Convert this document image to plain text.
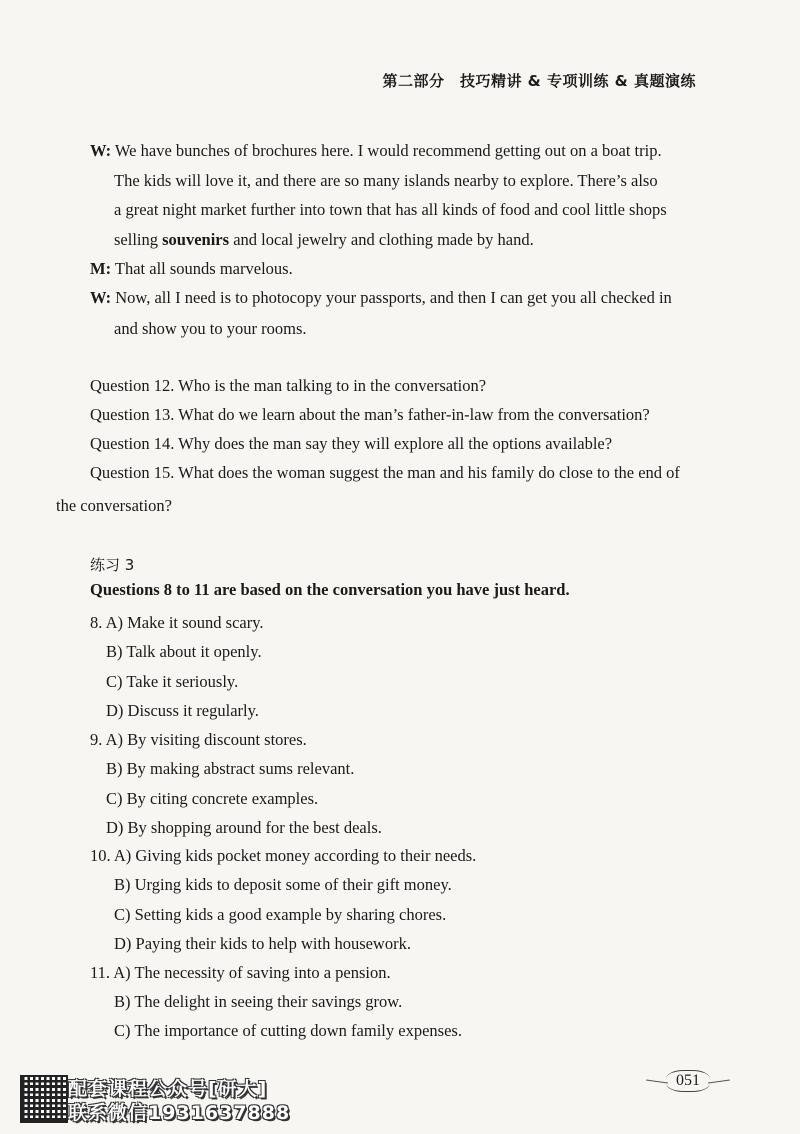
第二部分　技巧精讲 & 专项训练 & 真题演练
W: We have bunches of brochures here. I would recommend getting out on a boat trip.
The kids will love it, and there are so many islands nearby to explore. There’s also
a great night market further into town that has all kinds of food and cool little shops
selling souvenirs and local jewelry and clothing made by hand.
M: That all sounds marvelous.
W: Now, all I need is to photocopy your passports, and then I can get you all checked in
and show you to your rooms.
Question 12. Who is the man talking to in the conversation?
Question 13. What do we learn about the man’s father-in-law from the conversation?
Question 14. Why does the man say they will explore all the options available?
Question 15. What does the woman suggest the man and his family do close to the end of
the conversation?
练习 3
Questions 8 to 11 are based on the conversation you have just heard.
8. A) Make it sound scary.
B) Talk about it openly.
C) Take it seriously.
D) Discuss it regularly.
9. A) By visiting discount stores.
B) By making abstract sums relevant.
C) By citing concrete examples.
D) By shopping around for the best deals.
10. A) Giving kids pocket money according to their needs.
B) Urging kids to deposit some of their gift money.
C) Setting kids a good example by sharing chores.
D) Paying their kids to help with housework.
11. A) The necessity of saving into a pension.
B) The delight in seeing their savings grow.
C) The importance of cutting down family expenses.
配套课程公众号[研大]
联系微信1931637888
051
